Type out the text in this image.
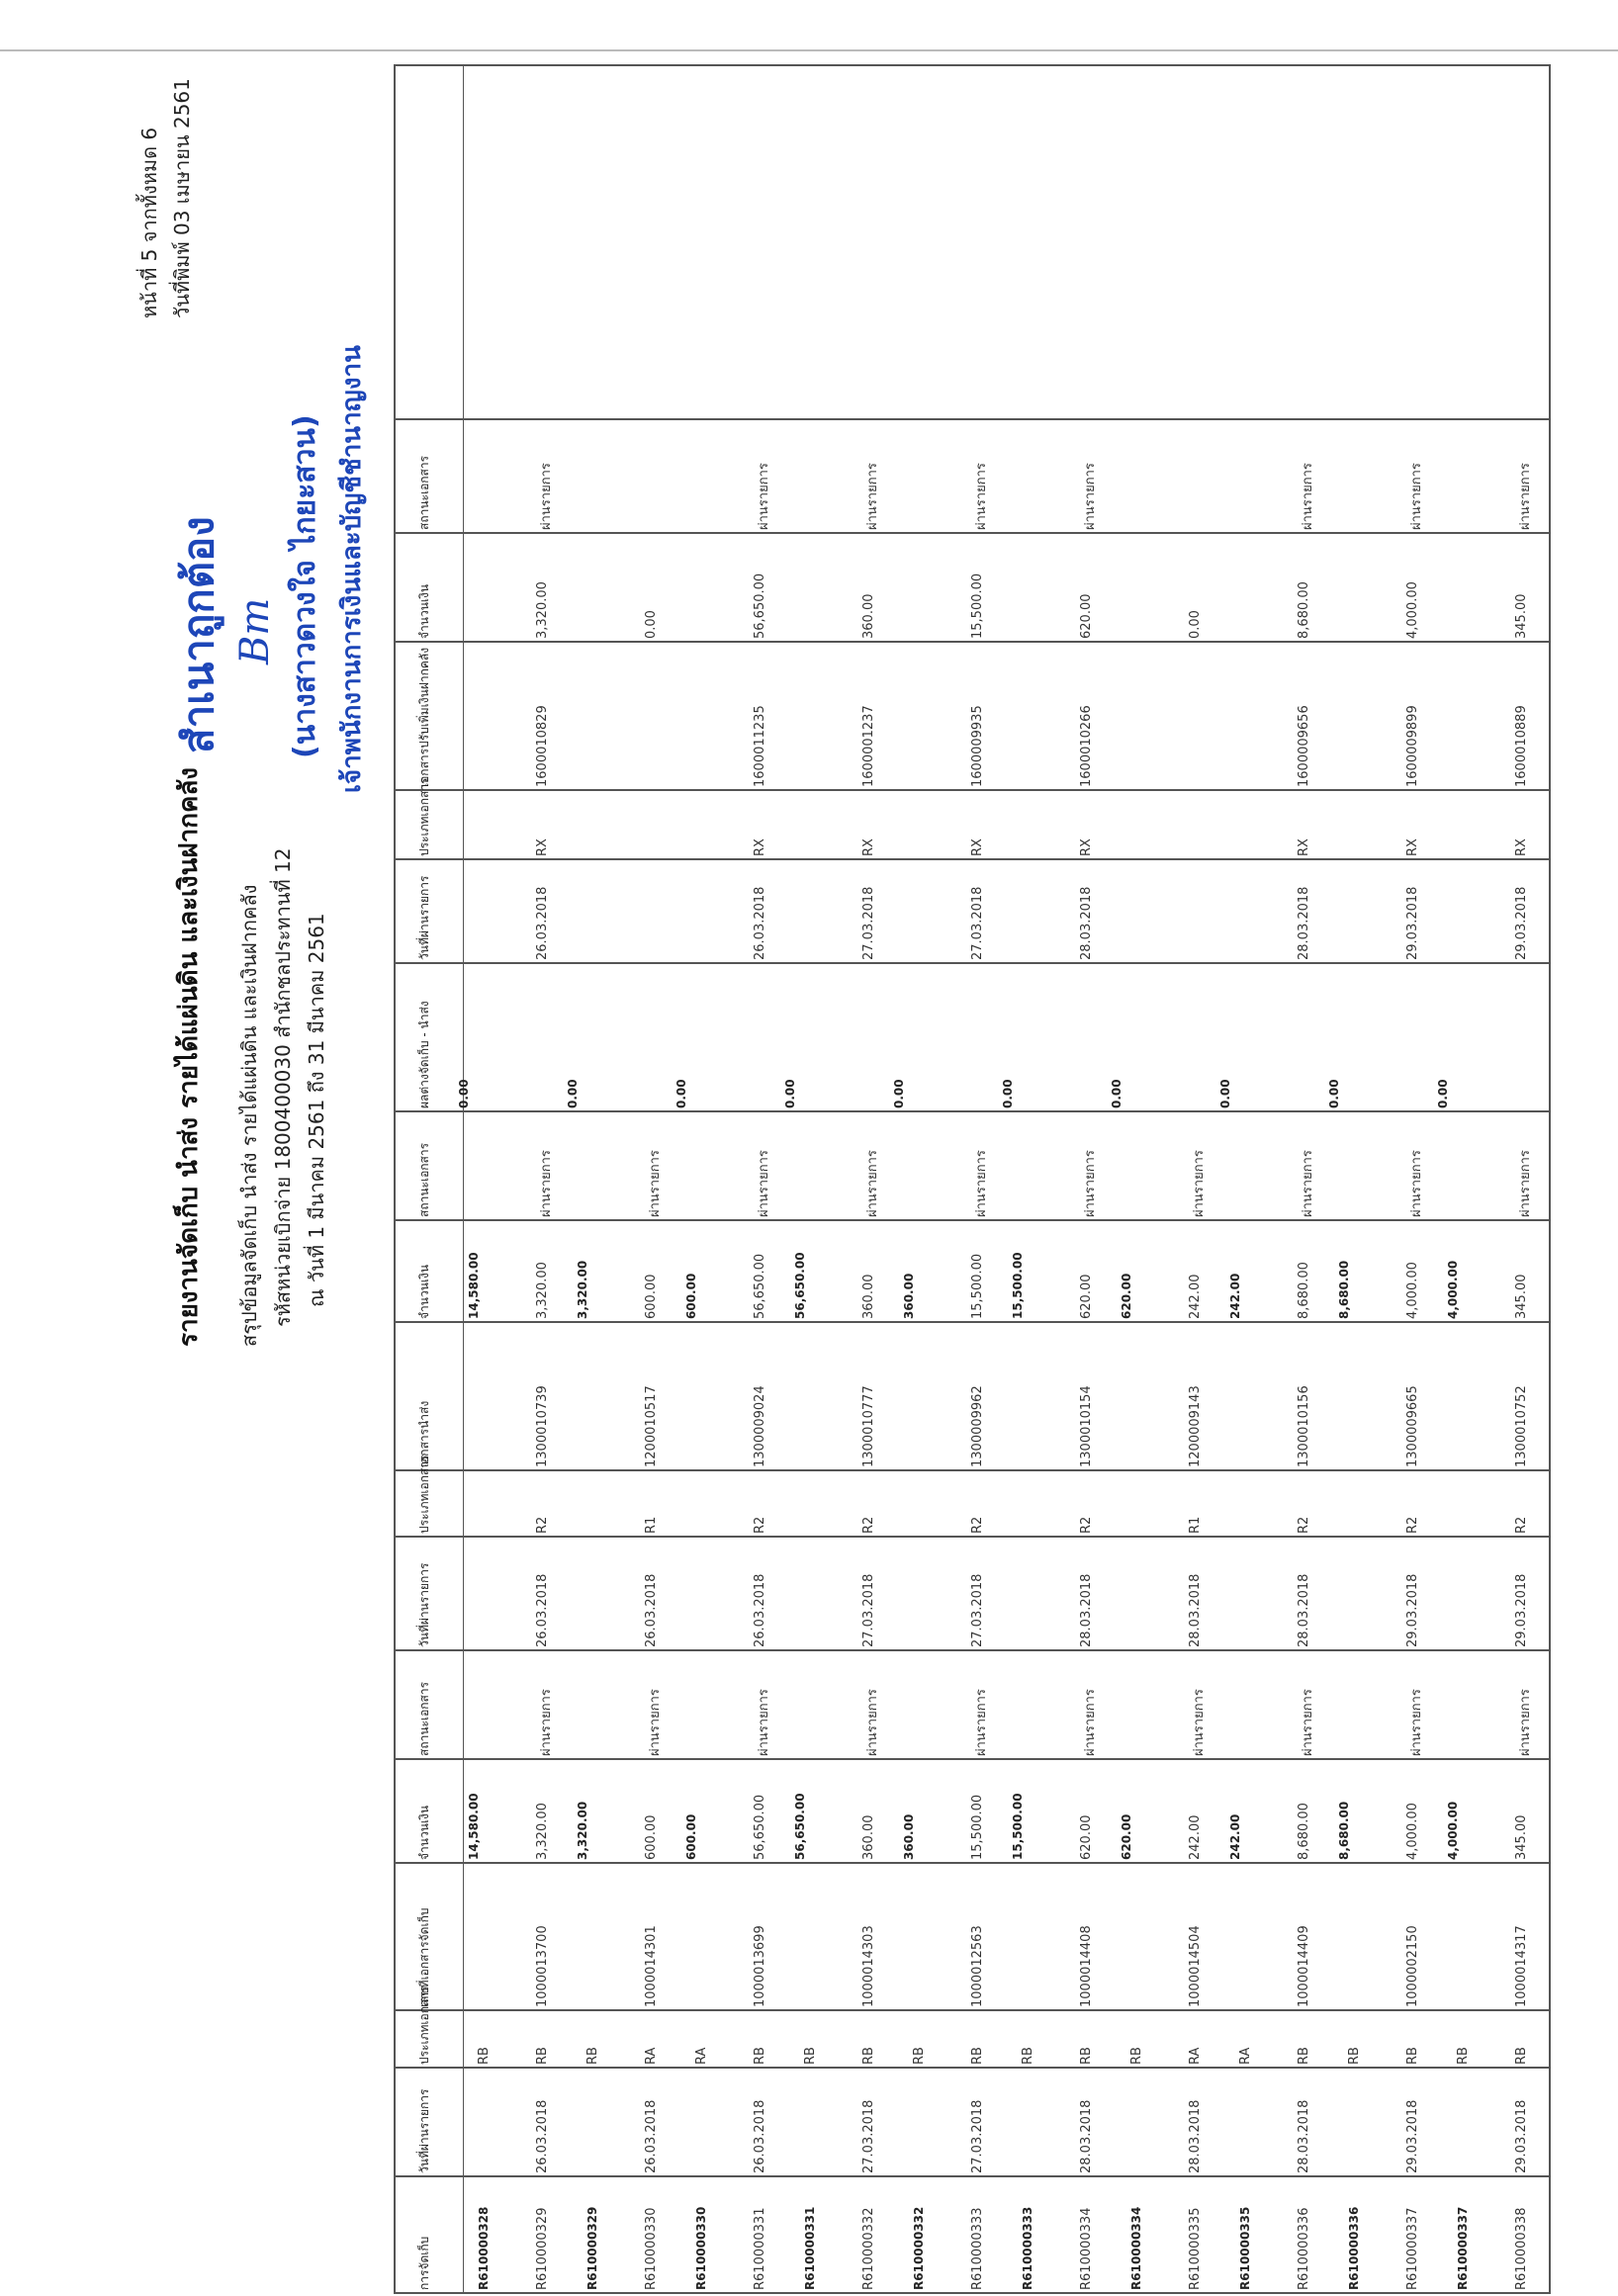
รายงานจัดเก็บ นำส่ง รายได้แผ่นดิน และเงินฝากคลัง สรุปข้อมูลจัดเก็บ นำส่ง รายได้แผ่นดิน และเงินฝากคลัง รหัสหน่วยเบิกจ่าย 1800400030 สำนักชลประทานที่ 12 ณ วันที่ 1 มีนาคม 2561 ถึง 31 มีนาคม 2561
หน้าที่ 5 จากทั้งหมด 6 วันที่พิมพ์ 03 เมษายน 2561
สำเนาถูกต้อง Bm (นางสาวดวงใจ ไกยะสวน) เจ้าพนักงานการเงินและบัญชีชำนาญงาน
การจัดเก็บ
วันที่ผ่านรายการ
ประเภทเอกสาร
เลขที่เอกสารจัดเก็บ
จำนวนเงิน
สถานะเอกสาร
วันที่ผ่านรายการ
ประเภทเอกสาร
เอกสารนำส่ง
จำนวนเงิน
สถานะเอกสาร
ผลต่างจัดเก็บ - นำส่ง
วันที่ผ่านรายการ
ประเภทเอกสาร
เอกสารปรับเพิ่มเงินฝากคลัง
จำนวนเงิน
สถานะเอกสาร
R610000328
RB
14,580.00
14,580.00
0.00
R610000329
26.03.2018
RB
1000013700
3,320.00
ผ่านรายการ
26.03.2018
R2
1300010739
3,320.00
ผ่านรายการ
26.03.2018
RX
1600010829
3,320.00
ผ่านรายการ
R610000329
RB
3,320.00
3,320.00
0.00
R610000330
26.03.2018
RA
1000014301
600.00
ผ่านรายการ
26.03.2018
R1
1200010517
600.00
ผ่านรายการ
0.00
R610000330
RA
600.00
600.00
0.00
R610000331
26.03.2018
RB
1000013699
56,650.00
ผ่านรายการ
26.03.2018
R2
1300009024
56,650.00
ผ่านรายการ
26.03.2018
RX
1600011235
56,650.00
ผ่านรายการ
R610000331
RB
56,650.00
56,650.00
0.00
R610000332
27.03.2018
RB
1000014303
360.00
ผ่านรายการ
27.03.2018
R2
1300010777
360.00
ผ่านรายการ
27.03.2018
RX
1600001237
360.00
ผ่านรายการ
R610000332
RB
360.00
360.00
0.00
R610000333
27.03.2018
RB
1000012563
15,500.00
ผ่านรายการ
27.03.2018
R2
1300009962
15,500.00
ผ่านรายการ
27.03.2018
RX
1600009935
15,500.00
ผ่านรายการ
R610000333
RB
15,500.00
15,500.00
0.00
R610000334
28.03.2018
RB
1000014408
620.00
ผ่านรายการ
28.03.2018
R2
1300010154
620.00
ผ่านรายการ
28.03.2018
RX
1600010266
620.00
ผ่านรายการ
R610000334
RB
620.00
620.00
0.00
R610000335
28.03.2018
RA
1000014504
242.00
ผ่านรายการ
28.03.2018
R1
1200009143
242.00
ผ่านรายการ
0.00
R610000335
RA
242.00
242.00
0.00
R610000336
28.03.2018
RB
1000014409
8,680.00
ผ่านรายการ
28.03.2018
R2
1300010156
8,680.00
ผ่านรายการ
28.03.2018
RX
1600009656
8,680.00
ผ่านรายการ
R610000336
RB
8,680.00
8,680.00
0.00
R610000337
29.03.2018
RB
1000002150
4,000.00
ผ่านรายการ
29.03.2018
R2
1300009665
4,000.00
ผ่านรายการ
29.03.2018
RX
1600009899
4,000.00
ผ่านรายการ
R610000337
RB
4,000.00
4,000.00
0.00
R610000338
29.03.2018
RB
1000014317
345.00
ผ่านรายการ
29.03.2018
R2
1300010752
345.00
ผ่านรายการ
29.03.2018
RX
1600010889
345.00
ผ่านรายการ
